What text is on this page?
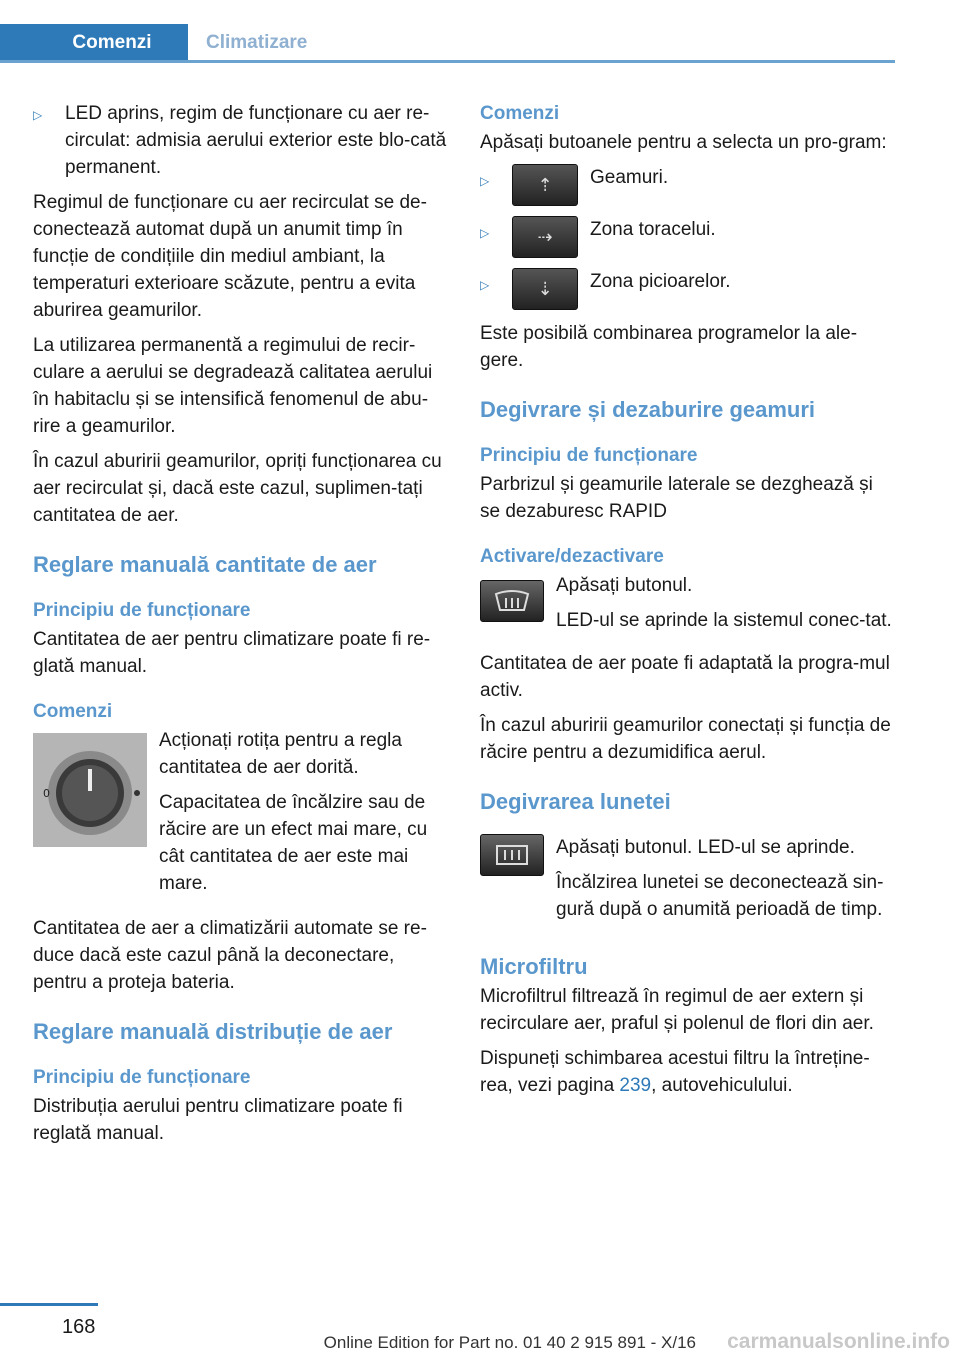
Comenzi	Climatizare
▷	LED aprins, regim de funcționare cu aer re-circulat: admisia aerului exterior este blo-cată permanent.

Regimul de funcționare cu aer recirculat se de-conectează automat după un anumit timp în funcție de condițiile din mediul ambiant, la temperaturi exterioare scăzute, pentru a evita aburirea geamurilor.

La utilizarea permanentă a regimului de recir-culare a aerului se degradează calitatea aerului în habitaclu și se intensifică fenomenul de abu-rire a geamurilor.

În cazul aburirii geamurilor, opriți funcționarea cu aer recirculat și, dacă este cazul, suplimen-tați cantitatea de aer.

Reglare manuală cantitate de aer
Principiu de funcționare

Cantitatea de aer pentru climatizare poate fi re-glată manual.

Comenzi
0

Acționați rotița pentru a regla cantitatea de aer dorită.

Capacitatea de încălzire sau de răcire are un efect mai mare, cu cât cantitatea de aer este mai mare.

Cantitatea de aer a climatizării automate se re-duce dacă este cazul până la deconectare, pentru a proteja bateria.

Reglare manuală distribuție de aer
Principiu de funcționare

Distribuția aerului pentru climatizare poate fi reglată manual.

Comenzi

Apăsați butoanele pentru a selecta un pro-gram:

▷	⇡	Geamuri.
▷	⇢	Zona toracelui.
▷	⇣	Zona picioarelor.

Este posibilă combinarea programelor la ale-gere.

Degivrare și dezaburire geamuri
Principiu de funcționare

Parbrizul și geamurile laterale se dezghează și se dezaburesc RAPID

Activare/dezactivare

Apăsați butonul.

LED-ul se aprinde la sistemul conec-tat.

Cantitatea de aer poate fi adaptată la progra-mul activ.

În cazul aburirii geamurilor conectați și funcția de răcire pentru a dezumidifica aerul.

Degivrarea lunetei

Apăsați butonul. LED-ul se aprinde.

Încălzirea lunetei se deconectează sin-gură după o anumită perioadă de timp.

Microfiltru

Microfiltrul filtrează în regimul de aer extern și recirculare aer, praful și polenul de flori din aer.

Dispuneți schimbarea acestui filtru la întreține-rea, vezi pagina 239, autovehiculului.

168
Online Edition for Part no. 01 40 2 915 891 - X/16 carmanualsonline.info
